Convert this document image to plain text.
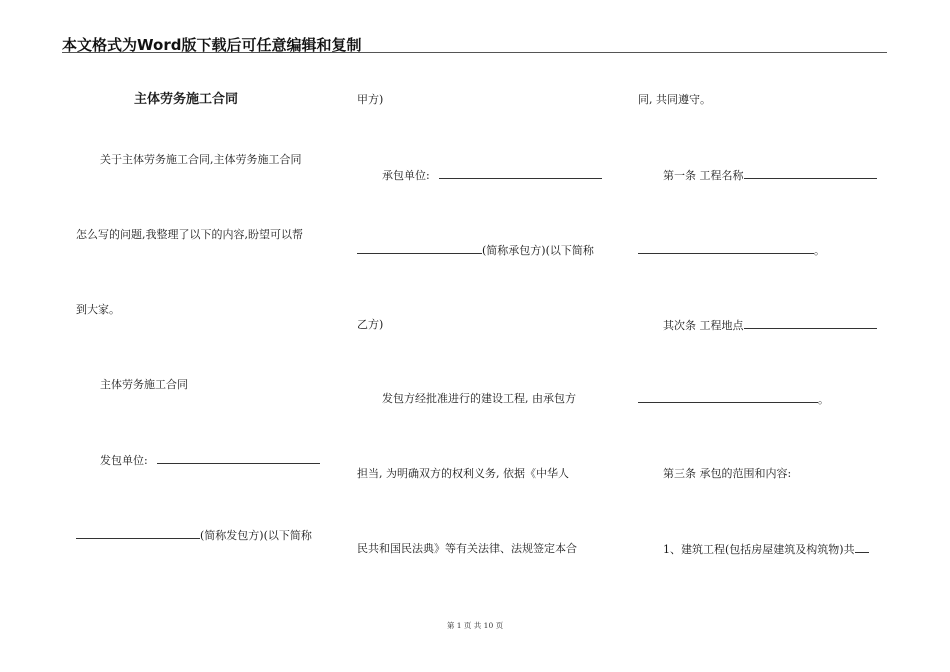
本文格式为Word版下载后可任意编辑和复制
主体劳务施工合同
关于主体劳务施工合同,主体劳务施工合同
怎么写的问题,我整理了以下的内容,盼望可以帮
到大家。
主体劳务施工合同
发包单位:
(简称发包方)(以下简称
甲方)
承包单位:
(简称承包方)(以下简称
乙方)
发包方经批准进行的建设工程, 由承包方
担当, 为明确双方的权利义务, 依据《中华人
民共和国民法典》等有关法律、法规签定本合
同, 共同遵守。
第一条 工程名称
。
其次条 工程地点
。
第三条 承包的范围和内容:
1、建筑工程(包括房屋建筑及构筑物)共
第 1 页 共 10 页
